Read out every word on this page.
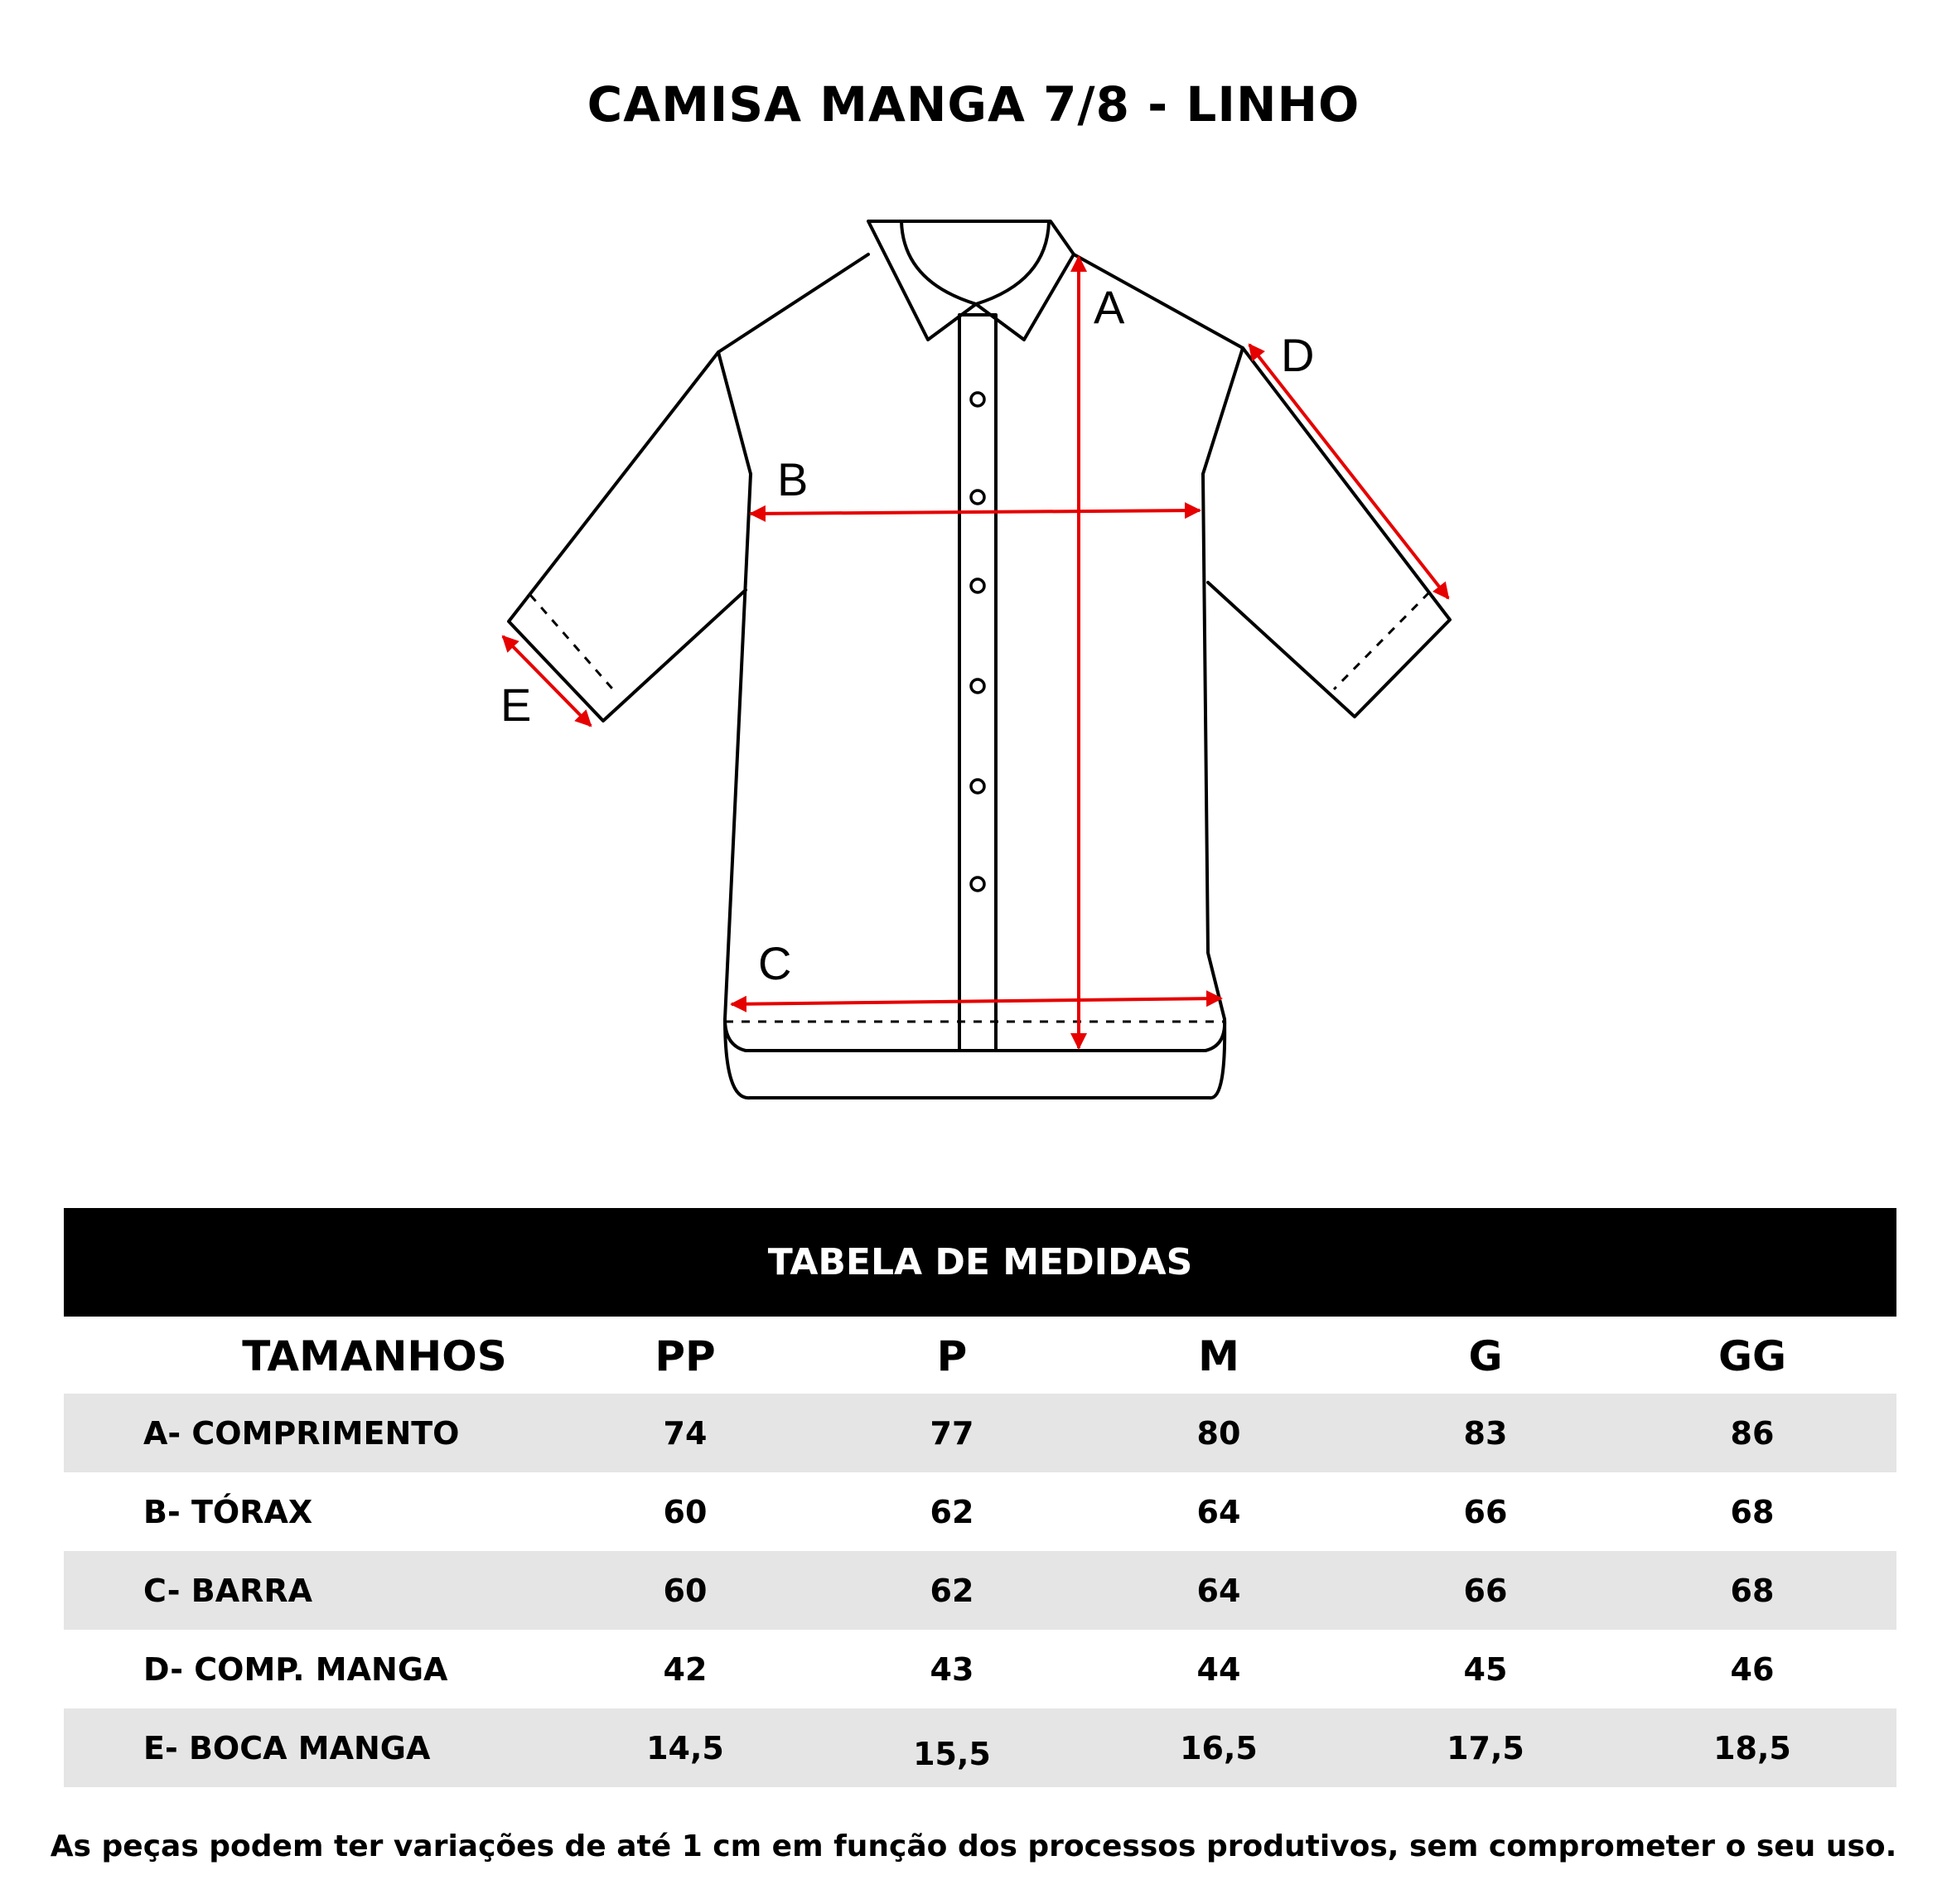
CAMISA MANGA 7/8 - LINHO
A
B
C
D
E
TABELA DE MEDIDAS
TAMANHOS	PP	P	M	G	GG
A- COMPRIMENTO	74	77	80	83	86
B- TÓRAX	60	62	64	66	68
C- BARRA	60	62	64	66	68
D- COMP. MANGA	42	43	44	45	46
E- BOCA MANGA	14,5	15,5	16,5	17,5	18,5
As peças podem ter variações de até 1 cm em função dos processos produtivos, sem comprometer o seu uso.
